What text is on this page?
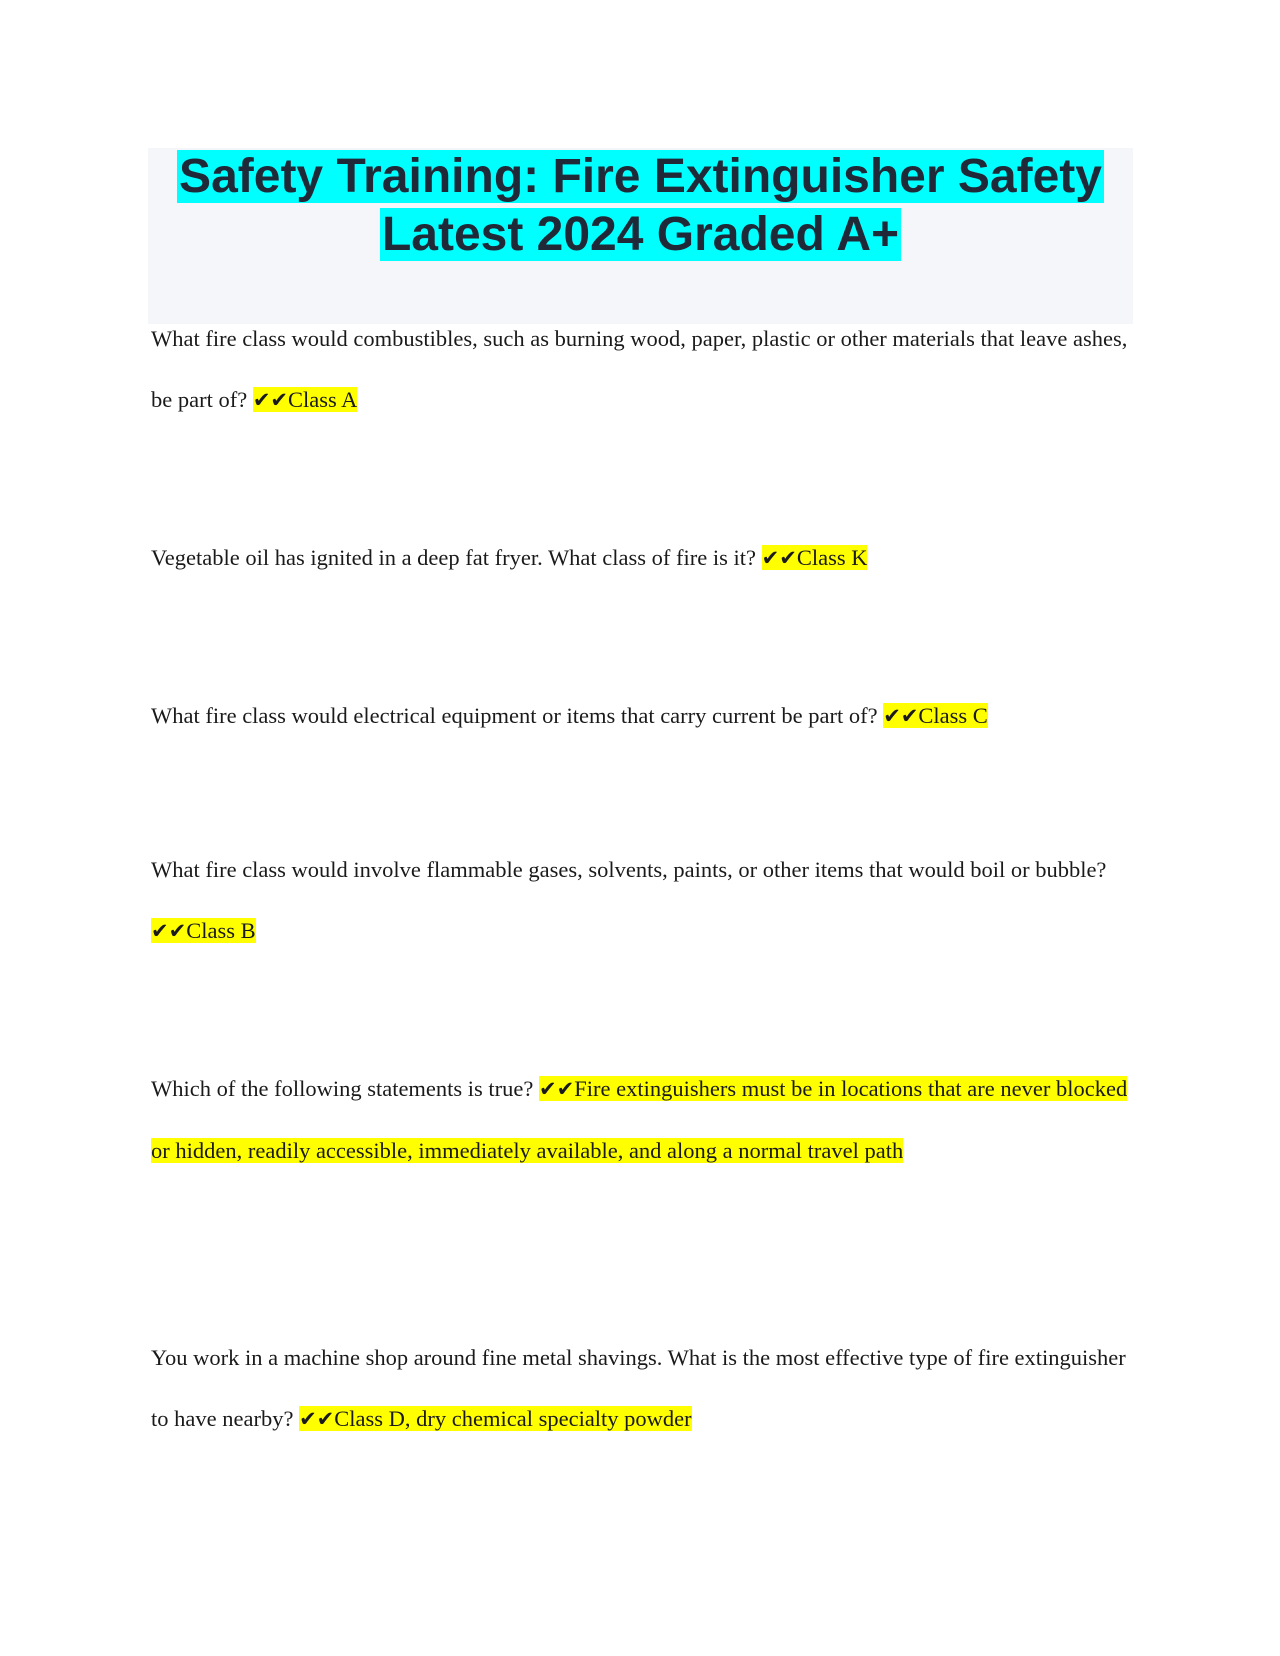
Safety Training: Fire Extinguisher Safety
Latest 2024 Graded A+

What fire class would combustibles, such as burning wood, paper, plastic or other materials that leave ashes, be part of? ✔✔Class A

Vegetable oil has ignited in a deep fat fryer. What class of fire is it? ✔✔Class K

What fire class would electrical equipment or items that carry current be part of? ✔✔Class C

What fire class would involve flammable gases, solvents, paints, or other items that would boil or bubble? ✔✔Class B

Which of the following statements is true? ✔✔Fire extinguishers must be in locations that are never blocked or hidden, readily accessible, immediately available, and along a normal travel path

You work in a machine shop around fine metal shavings. What is the most effective type of fire extinguisher to have nearby? ✔✔Class D, dry chemical specialty powder
